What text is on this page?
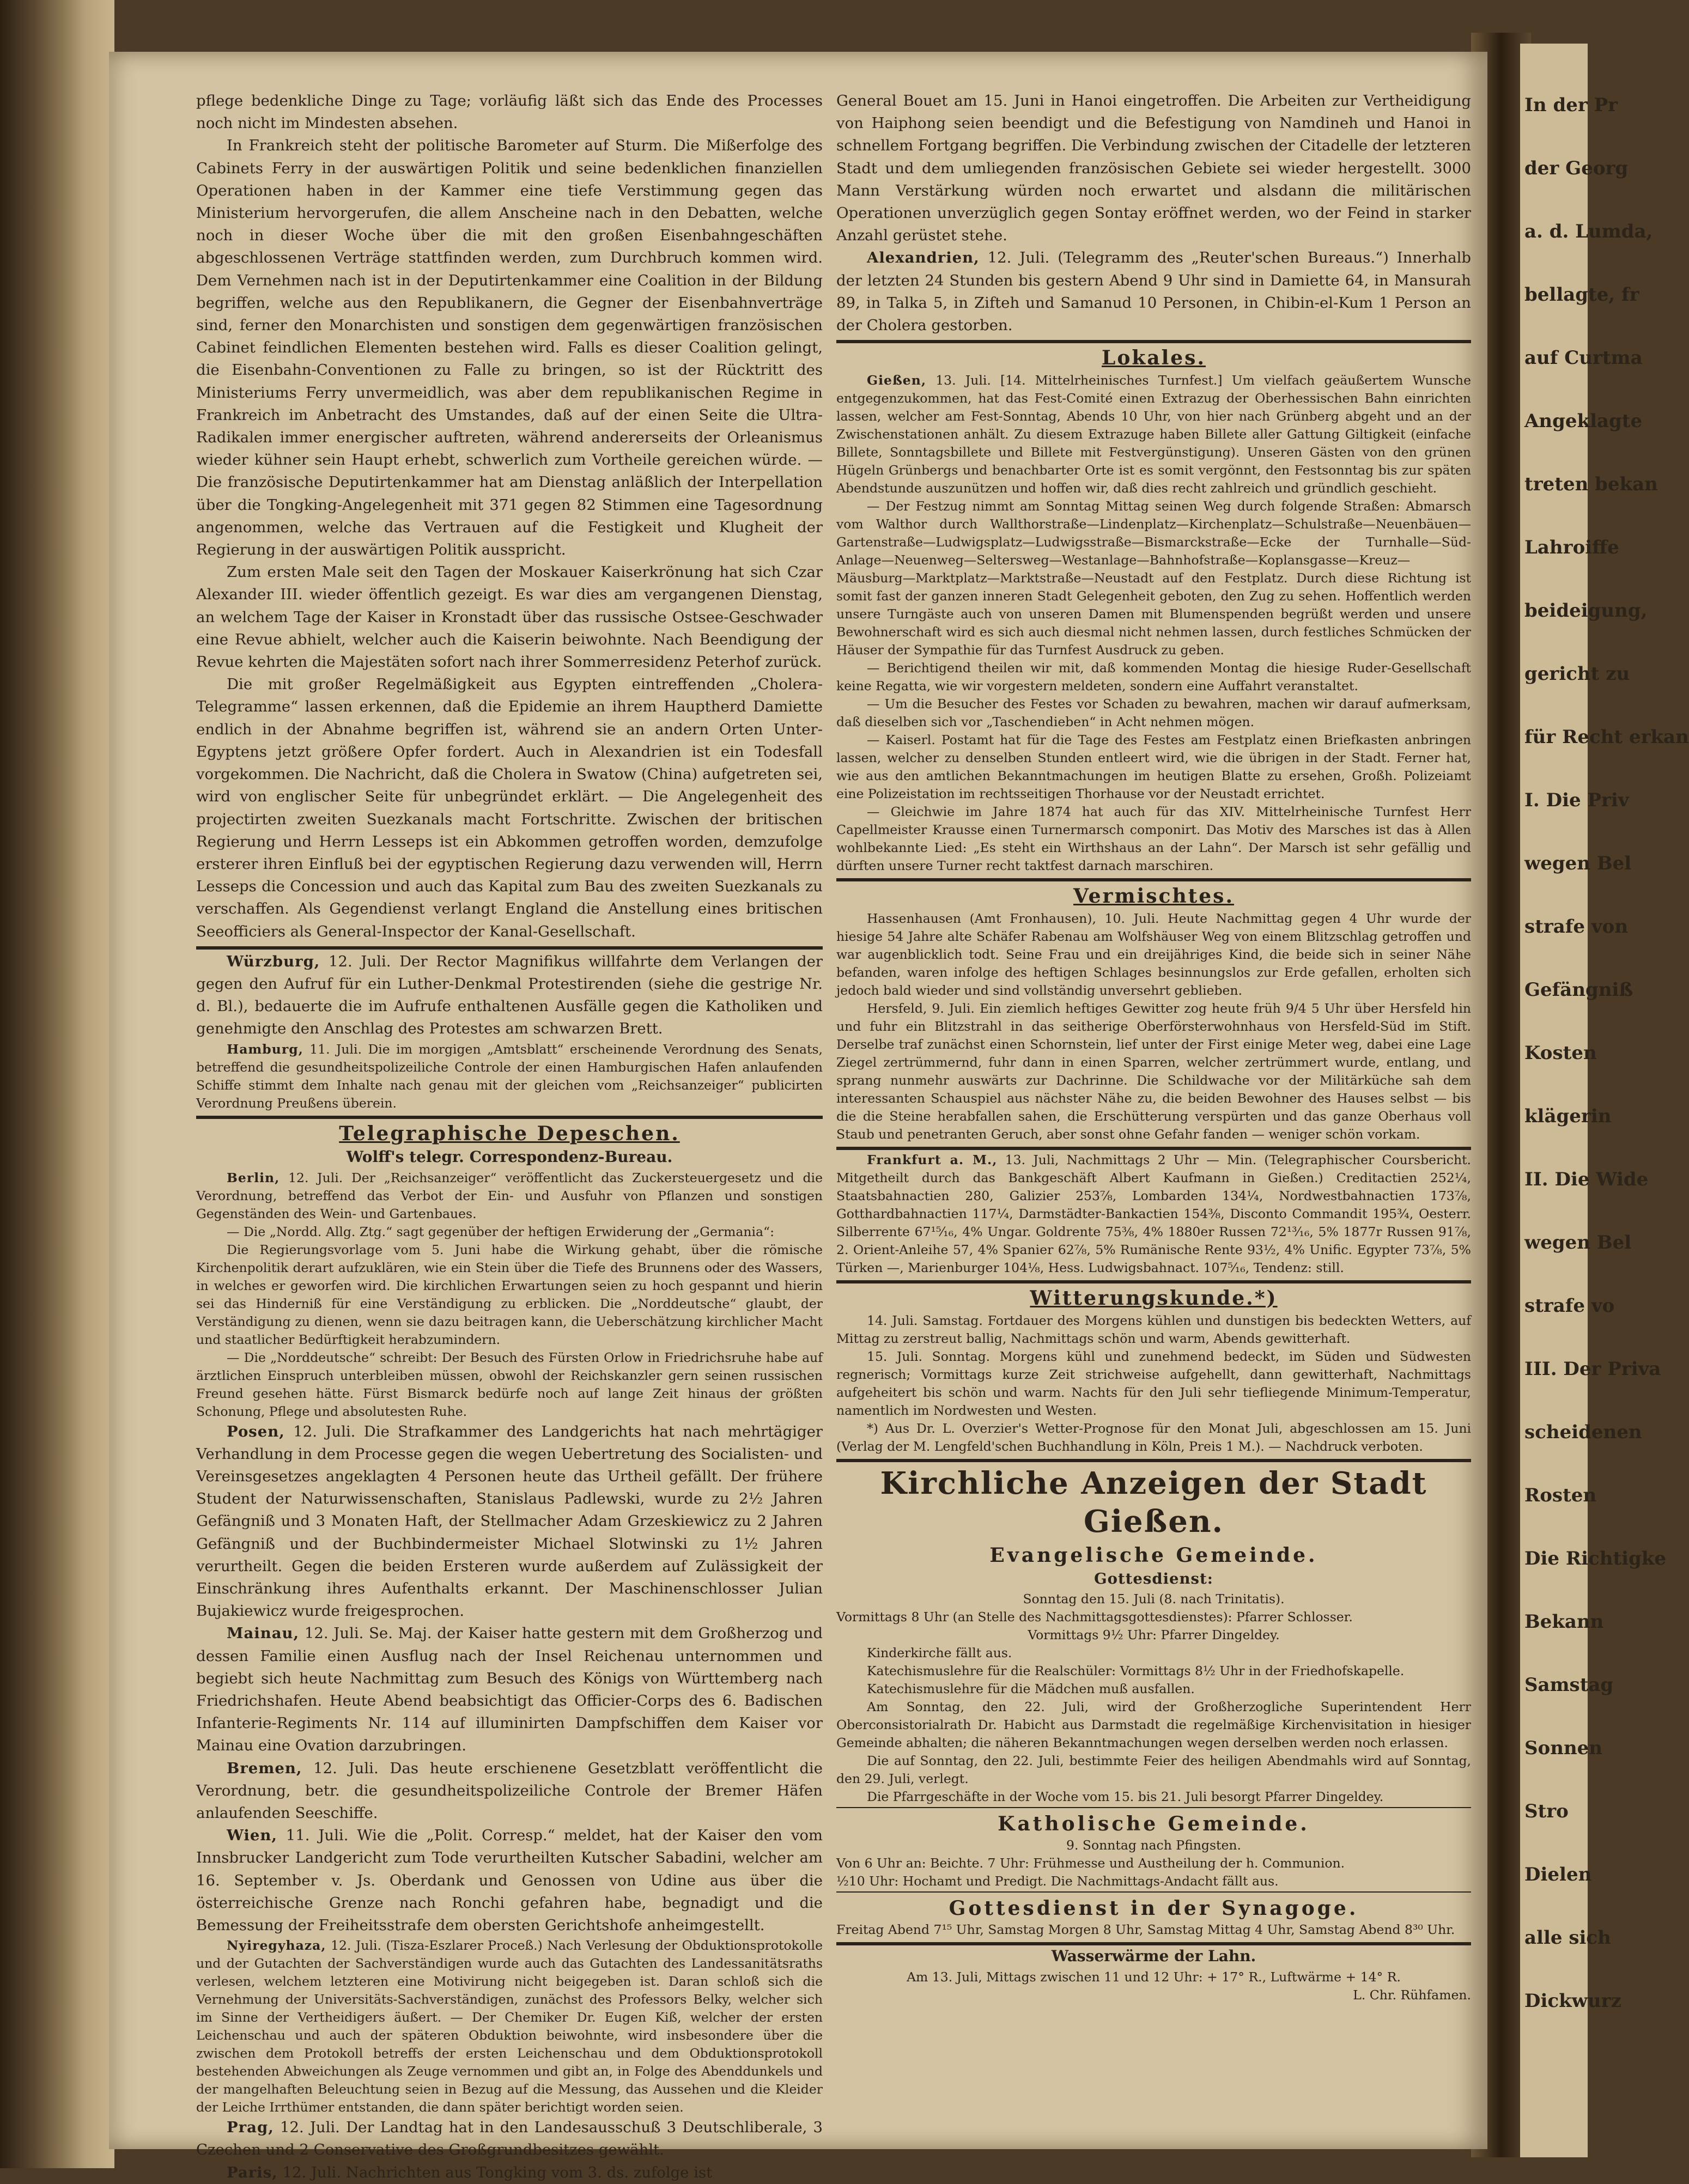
In der Pr
der Georg
a. d. Lumda,
bellagte, fr
auf Curtma
Angeklagte
treten bekan
Lahroiffe
beideigung,
gericht zu
für Recht erkan
I. Die Priv
wegen Bel
strafe von
Gefängniß
Kosten
klägerin
II. Die Wide
wegen Bel
strafe vo
III. Der Priva
scheidenen
Rosten
Die Richtigke
Bekann
Samstag
Sonnen
Stro
Dielen
alle sich
Dickwurz

pflege bedenkliche Dinge zu Tage; vorläufig läßt sich das Ende des Processes noch nicht im Mindesten absehen.

In Frankreich steht der politische Barometer auf Sturm. Die Mißerfolge des Cabinets Ferry in der auswärtigen Politik und seine bedenklichen finanziellen Operationen haben in der Kammer eine tiefe Verstimmung gegen das Ministerium hervorgerufen, die allem Anscheine nach in den Debatten, welche noch in dieser Woche über die mit den großen Eisenbahngeschäften abgeschlossenen Verträge stattfinden werden, zum Durchbruch kommen wird. Dem Vernehmen nach ist in der Deputirtenkammer eine Coalition in der Bildung begriffen, welche aus den Republikanern, die Gegner der Eisenbahnverträge sind, ferner den Monarchisten und sonstigen dem gegenwärtigen französischen Cabinet feindlichen Elementen bestehen wird. Falls es dieser Coalition gelingt, die Eisenbahn-Conventionen zu Falle zu bringen, so ist der Rücktritt des Ministeriums Ferry unvermeidlich, was aber dem republikanischen Regime in Frankreich im Anbetracht des Umstandes, daß auf der einen Seite die Ultra-Radikalen immer energischer auftreten, während andererseits der Orleanismus wieder kühner sein Haupt erhebt, schwerlich zum Vortheile gereichen würde. — Die französische Deputirtenkammer hat am Dienstag anläßlich der Interpellation über die Tongking-Angelegenheit mit 371 gegen 82 Stimmen eine Tagesordnung angenommen, welche das Vertrauen auf die Festigkeit und Klugheit der Regierung in der auswärtigen Politik ausspricht.

Zum ersten Male seit den Tagen der Moskauer Kaiserkrönung hat sich Czar Alexander III. wieder öffentlich gezeigt. Es war dies am vergangenen Dienstag, an welchem Tage der Kaiser in Kronstadt über das russische Ostsee-Geschwader eine Revue abhielt, welcher auch die Kaiserin beiwohnte. Nach Beendigung der Revue kehrten die Majestäten sofort nach ihrer Sommerresidenz Peterhof zurück.

Die mit großer Regelmäßigkeit aus Egypten eintreffenden „Cholera-Telegramme“ lassen erkennen, daß die Epidemie an ihrem Hauptherd Damiette endlich in der Abnahme begriffen ist, während sie an andern Orten Unter-Egyptens jetzt größere Opfer fordert. Auch in Alexandrien ist ein Todesfall vorgekommen. Die Nachricht, daß die Cholera in Swatow (China) aufgetreten sei, wird von englischer Seite für unbegründet erklärt. — Die Angelegenheit des projectirten zweiten Suezkanals macht Fortschritte. Zwischen der britischen Regierung und Herrn Lesseps ist ein Abkommen getroffen worden, demzufolge ersterer ihren Einfluß bei der egyptischen Regierung dazu verwenden will, Herrn Lesseps die Concession und auch das Kapital zum Bau des zweiten Suezkanals zu verschaffen. Als Gegendienst verlangt England die Anstellung eines britischen Seeofficiers als General-Inspector der Kanal-Gesellschaft.

Würzburg, 12. Juli. Der Rector Magnifikus willfahrte dem Verlangen der gegen den Aufruf für ein Luther-Denkmal Protestirenden (siehe die gestrige Nr. d. Bl.), bedauerte die im Aufrufe enthaltenen Ausfälle gegen die Katholiken und genehmigte den Anschlag des Protestes am schwarzen Brett.

Hamburg, 11. Juli. Die im morgigen „Amtsblatt“ erscheinende Verordnung des Senats, betreffend die gesundheitspolizeiliche Controle der einen Hamburgischen Hafen anlaufenden Schiffe stimmt dem Inhalte nach genau mit der gleichen vom „Reichsanzeiger“ publicirten Verordnung Preußens überein.

Telegraphische Depeschen.
Wolff's telegr. Correspondenz-Bureau.

Berlin, 12. Juli. Der „Reichsanzeiger“ veröffentlicht das Zuckersteuergesetz und die Verordnung, betreffend das Verbot der Ein- und Ausfuhr von Pflanzen und sonstigen Gegenständen des Wein- und Gartenbaues.

— Die „Nordd. Allg. Ztg.“ sagt gegenüber der heftigen Erwiderung der „Germania“:

Die Regierungsvorlage vom 5. Juni habe die Wirkung gehabt, über die römische Kirchenpolitik derart aufzuklären, wie ein Stein über die Tiefe des Brunnens oder des Wassers, in welches er geworfen wird. Die kirchlichen Erwartungen seien zu hoch gespannt und hierin sei das Hinderniß für eine Verständigung zu erblicken. Die „Norddeutsche“ glaubt, der Verständigung zu dienen, wenn sie dazu beitragen kann, die Ueberschätzung kirchlicher Macht und staatlicher Bedürftigkeit herabzumindern.

— Die „Norddeutsche“ schreibt: Der Besuch des Fürsten Orlow in Friedrichsruhe habe auf ärztlichen Einspruch unterbleiben müssen, obwohl der Reichskanzler gern seinen russischen Freund gesehen hätte. Fürst Bismarck bedürfe noch auf lange Zeit hinaus der größten Schonung, Pflege und absolutesten Ruhe.

Posen, 12. Juli. Die Strafkammer des Landgerichts hat nach mehrtägiger Verhandlung in dem Processe gegen die wegen Uebertretung des Socialisten- und Vereinsgesetzes angeklagten 4 Personen heute das Urtheil gefällt. Der frühere Student der Naturwissenschaften, Stanislaus Padlewski, wurde zu 2½ Jahren Gefängniß und 3 Monaten Haft, der Stellmacher Adam Grzeskiewicz zu 2 Jahren Gefängniß und der Buchbindermeister Michael Slotwinski zu 1½ Jahren verurtheilt. Gegen die beiden Ersteren wurde außerdem auf Zulässigkeit der Einschränkung ihres Aufenthalts erkannt. Der Maschinenschlosser Julian Bujakiewicz wurde freigesprochen.

Mainau, 12. Juli. Se. Maj. der Kaiser hatte gestern mit dem Großherzog und dessen Familie einen Ausflug nach der Insel Reichenau unternommen und begiebt sich heute Nachmittag zum Besuch des Königs von Württemberg nach Friedrichshafen. Heute Abend beabsichtigt das Officier-Corps des 6. Badischen Infanterie-Regiments Nr. 114 auf illuminirten Dampfschiffen dem Kaiser vor Mainau eine Ovation darzubringen.

Bremen, 12. Juli. Das heute erschienene Gesetzblatt veröffentlicht die Verordnung, betr. die gesundheitspolizeiliche Controle der Bremer Häfen anlaufenden Seeschiffe.

Wien, 11. Juli. Wie die „Polit. Corresp.“ meldet, hat der Kaiser den vom Innsbrucker Landgericht zum Tode verurtheilten Kutscher Sabadini, welcher am 16. September v. Js. Oberdank und Genossen von Udine aus über die österreichische Grenze nach Ronchi gefahren habe, begnadigt und die Bemessung der Freiheitsstrafe dem obersten Gerichtshofe anheimgestellt.

Nyiregyhaza, 12. Juli. (Tisza-Eszlarer Proceß.) Nach Verlesung der Obduktionsprotokolle und der Gutachten der Sachverständigen wurde auch das Gutachten des Landessanitätsraths verlesen, welchem letzteren eine Motivirung nicht beigegeben ist. Daran schloß sich die Vernehmung der Universitäts-Sachverständigen, zunächst des Professors Belky, welcher sich im Sinne der Vertheidigers äußert. — Der Chemiker Dr. Eugen Kiß, welcher der ersten Leichenschau und auch der späteren Obduktion beiwohnte, wird insbesondere über die zwischen dem Protokoll betreffs der ersten Leichenschau und dem Obduktionsprotokoll bestehenden Abweichungen als Zeuge vernommen und gibt an, in Folge des Abenddunkels und der mangelhaften Beleuchtung seien in Bezug auf die Messung, das Aussehen und die Kleider der Leiche Irrthümer entstanden, die dann später berichtigt worden seien.

Prag, 12. Juli. Der Landtag hat in den Landesausschuß 3 Deutschliberale, 3 Czechen und 2 Conservative des Großgrundbesitzes gewählt.

Paris, 12. Juli. Nachrichten aus Tongking vom 3. ds. zufolge ist

General Bouet am 15. Juni in Hanoi eingetroffen. Die Arbeiten zur Vertheidigung von Haiphong seien beendigt und die Befestigung von Namdineh und Hanoi in schnellem Fortgang begriffen. Die Verbindung zwischen der Citadelle der letzteren Stadt und dem umliegenden französischen Gebiete sei wieder hergestellt. 3000 Mann Verstärkung würden noch erwartet und alsdann die militärischen Operationen unverzüglich gegen Sontay eröffnet werden, wo der Feind in starker Anzahl gerüstet stehe.

Alexandrien, 12. Juli. (Telegramm des „Reuter'schen Bureaus.“) Innerhalb der letzten 24 Stunden bis gestern Abend 9 Uhr sind in Damiette 64, in Mansurah 89, in Talka 5, in Zifteh und Samanud 10 Personen, in Chibin-el-Kum 1 Person an der Cholera gestorben.

Lokales.

Gießen, 13. Juli. [14. Mittelrheinisches Turnfest.] Um vielfach geäußertem Wunsche entgegenzukommen, hat das Fest-Comité einen Extrazug der Oberhessischen Bahn einrichten lassen, welcher am Fest-Sonntag, Abends 10 Uhr, von hier nach Grünberg abgeht und an der Zwischenstationen anhält. Zu diesem Extrazuge haben Billete aller Gattung Giltigkeit (einfache Billete, Sonntagsbillete und Billete mit Festvergünstigung). Unseren Gästen von den grünen Hügeln Grünbergs und benachbarter Orte ist es somit vergönnt, den Festsonntag bis zur späten Abendstunde auszunützen und hoffen wir, daß dies recht zahlreich und gründlich geschieht.

— Der Festzug nimmt am Sonntag Mittag seinen Weg durch folgende Straßen: Abmarsch vom Walthor durch Wallthorstraße—Lindenplatz—Kirchenplatz—Schulstraße—Neuenbäuen—Gartenstraße—Ludwigsplatz—Ludwigsstraße—Bismarckstraße—Ecke der Turnhalle—Süd-Anlage—Neuenweg—Seltersweg—Westanlage—Bahnhofstraße—Koplansgasse—Kreuz—Mäusburg—Marktplatz—Marktstraße—Neustadt auf den Festplatz. Durch diese Richtung ist somit fast der ganzen inneren Stadt Gelegenheit geboten, den Zug zu sehen. Hoffentlich werden unsere Turngäste auch von unseren Damen mit Blumenspenden begrüßt werden und unsere Bewohnerschaft wird es sich auch diesmal nicht nehmen lassen, durch festliches Schmücken der Häuser der Sympathie für das Turnfest Ausdruck zu geben.

— Berichtigend theilen wir mit, daß kommenden Montag die hiesige Ruder-Gesellschaft keine Regatta, wie wir vorgestern meldeten, sondern eine Auffahrt veranstaltet.

— Um die Besucher des Festes vor Schaden zu bewahren, machen wir darauf aufmerksam, daß dieselben sich vor „Taschendieben“ in Acht nehmen mögen.

— Kaiserl. Postamt hat für die Tage des Festes am Festplatz einen Briefkasten anbringen lassen, welcher zu denselben Stunden entleert wird, wie die übrigen in der Stadt. Ferner hat, wie aus den amtlichen Bekanntmachungen im heutigen Blatte zu ersehen, Großh. Polizeiamt eine Polizeistation im rechtsseitigen Thorhause vor der Neustadt errichtet.

— Gleichwie im Jahre 1874 hat auch für das XIV. Mittelrheinische Turnfest Herr Capellmeister Krausse einen Turnermarsch componirt. Das Motiv des Marsches ist das à Allen wohlbekannte Lied: „Es steht ein Wirthshaus an der Lahn“. Der Marsch ist sehr gefällig und dürften unsere Turner recht taktfest darnach marschiren.

Vermischtes.

Hassenhausen (Amt Fronhausen), 10. Juli. Heute Nachmittag gegen 4 Uhr wurde der hiesige 54 Jahre alte Schäfer Rabenau am Wolfshäuser Weg von einem Blitzschlag getroffen und war augenblicklich todt. Seine Frau und ein dreijähriges Kind, die beide sich in seiner Nähe befanden, waren infolge des heftigen Schlages besinnungslos zur Erde gefallen, erholten sich jedoch bald wieder und sind vollständig unversehrt geblieben.

Hersfeld, 9. Juli. Ein ziemlich heftiges Gewitter zog heute früh 9/4 5 Uhr über Hersfeld hin und fuhr ein Blitzstrahl in das seitherige Oberförsterwohnhaus von Hersfeld-Süd im Stift. Derselbe traf zunächst einen Schornstein, lief unter der First einige Meter weg, dabei eine Lage Ziegel zertrümmernd, fuhr dann in einen Sparren, welcher zertrümmert wurde, entlang, und sprang nunmehr auswärts zur Dachrinne. Die Schildwache vor der Militärküche sah dem interessanten Schauspiel aus nächster Nähe zu, die beiden Bewohner des Hauses selbst — bis die die Steine herabfallen sahen, die Erschütterung verspürten und das ganze Oberhaus voll Staub und penetranten Geruch, aber sonst ohne Gefahr fanden — weniger schön vorkam.

Frankfurt a. M., 13. Juli, Nachmittags 2 Uhr — Min. (Telegraphischer Coursbericht. Mitgetheilt durch das Bankgeschäft Albert Kaufmann in Gießen.) Creditactien 252¼, Staatsbahnactien 280, Galizier 253⅞, Lombarden 134¼, Nordwestbahnactien 173⅞, Gotthardbahnactien 117¼, Darmstädter-Bankactien 154⅜, Disconto Commandit 195¾, Oesterr. Silberrente 67¹⁵⁄₁₆, 4% Ungar. Goldrente 75⅜, 4% 1880er Russen 72¹³⁄₁₆, 5% 1877r Russen 91⅞, 2. Orient-Anleihe 57, 4% Spanier 62⅞, 5% Rumänische Rente 93½, 4% Unific. Egypter 73⅞, 5% Türken —, Marienburger 104⅛, Hess. Ludwigsbahnact. 107⁵⁄₁₆, Tendenz: still.

Witterungskunde.*)

14. Juli. Samstag. Fortdauer des Morgens kühlen und dunstigen bis bedeckten Wetters, auf Mittag zu zerstreut ballig, Nachmittags schön und warm, Abends gewitterhaft.

15. Juli. Sonntag. Morgens kühl und zunehmend bedeckt, im Süden und Südwesten regnerisch; Vormittags kurze Zeit strichweise aufgehellt, dann gewitterhaft, Nachmittags aufgeheitert bis schön und warm. Nachts für den Juli sehr tiefliegende Minimum-Temperatur, namentlich im Nordwesten und Westen.

*) Aus Dr. L. Overzier's Wetter-Prognose für den Monat Juli, abgeschlossen am 15. Juni (Verlag der M. Lengfeld'schen Buchhandlung in Köln, Preis 1 M.). — Nachdruck verboten.

Kirchliche Anzeigen der Stadt Gießen.
Evangelische Gemeinde.

Gottesdienst:

Sonntag den 15. Juli (8. nach Trinitatis).

Vormittags 8 Uhr (an Stelle des Nachmittagsgottesdienstes): Pfarrer Schlosser.

Vormittags 9½ Uhr: Pfarrer Dingeldey.

Kinderkirche fällt aus.

Katechismuslehre für die Realschüler: Vormittags 8½ Uhr in der Friedhofskapelle.

Katechismuslehre für die Mädchen muß ausfallen.

Am Sonntag, den 22. Juli, wird der Großherzogliche Superintendent Herr Oberconsistorialrath Dr. Habicht aus Darmstadt die regelmäßige Kirchenvisitation in hiesiger Gemeinde abhalten; die näheren Bekanntmachungen wegen derselben werden noch erlassen.

Die auf Sonntag, den 22. Juli, bestimmte Feier des heiligen Abendmahls wird auf Sonntag, den 29. Juli, verlegt.

Die Pfarrgeschäfte in der Woche vom 15. bis 21. Juli besorgt Pfarrer Dingeldey.

Katholische Gemeinde.

9. Sonntag nach Pfingsten.

Von 6 Uhr an: Beichte. 7 Uhr: Frühmesse und Austheilung der h. Communion.

½10 Uhr: Hochamt und Predigt. Die Nachmittags-Andacht fällt aus.

Gottesdienst in der Synagoge.

Freitag Abend 7¹⁵ Uhr, Samstag Morgen 8 Uhr, Samstag Mittag 4 Uhr, Samstag Abend 8³⁰ Uhr.

Wasserwärme der Lahn.

Am 13. Juli, Mittags zwischen 11 und 12 Uhr: + 17° R., Luftwärme + 14° R.

L. Chr. Rühfamen.
